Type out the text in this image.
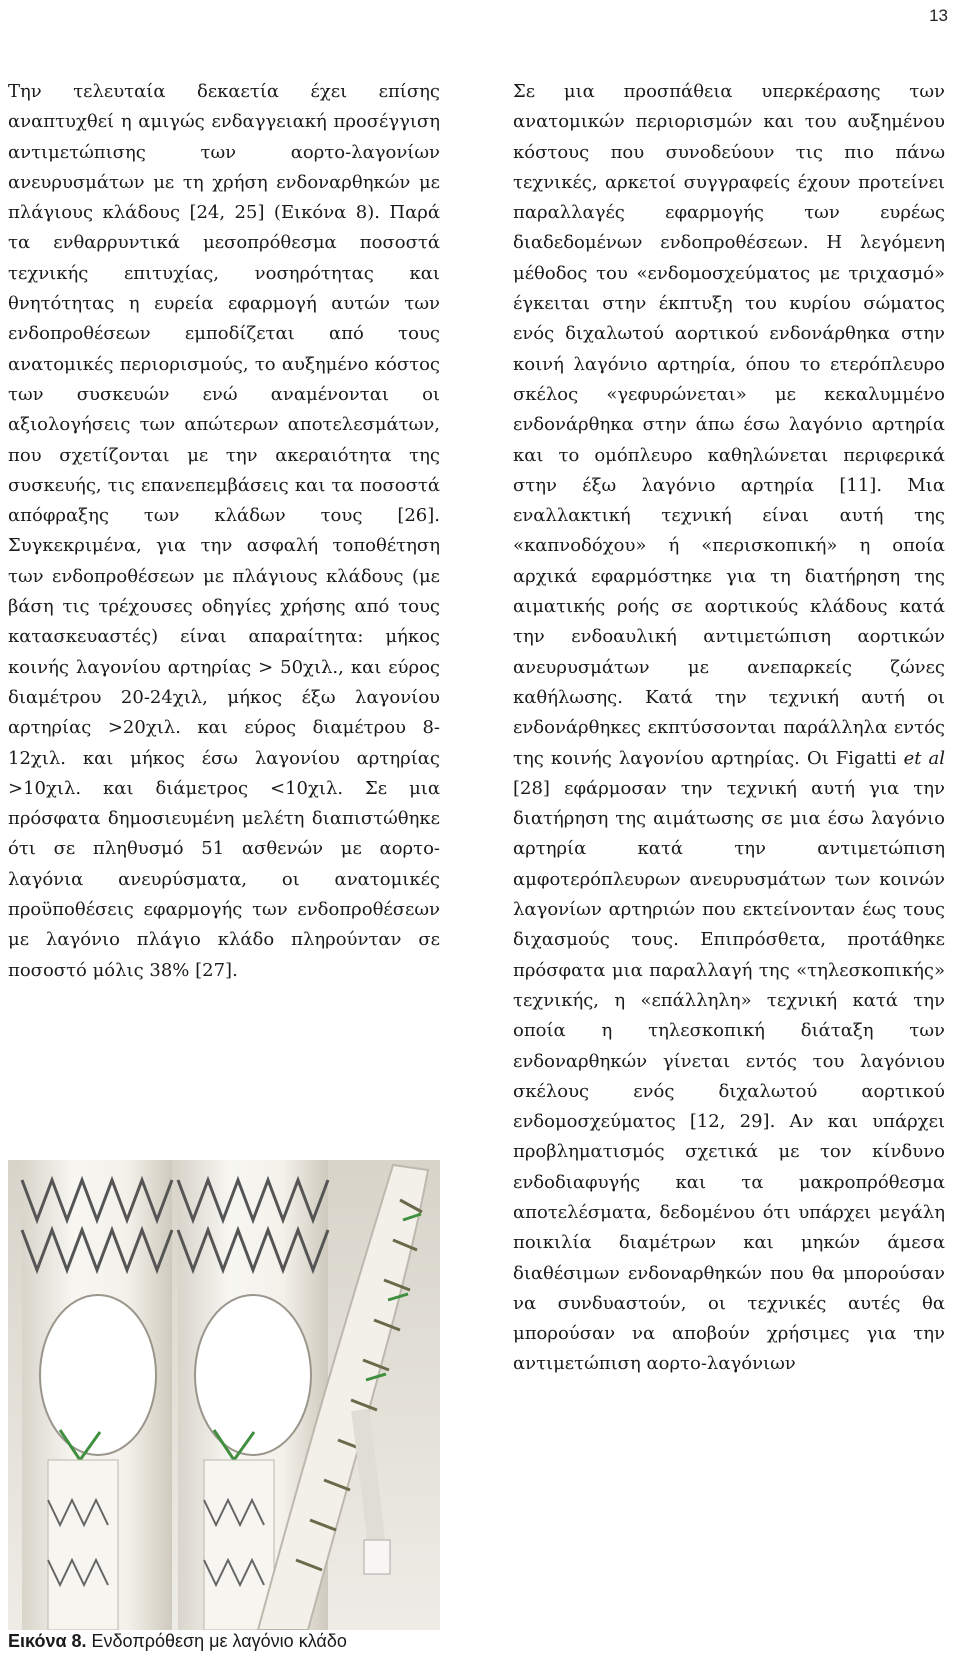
13

Την τελευταία δεκαετία έχει επίσης αναπτυχθεί η αμιγώς ενδαγγειακή προσέγγιση αντιμετώπισης των αορτο-λαγονίων ανευρυσμάτων με τη χρήση ενδοναρθηκών με πλάγιους κλάδους [24, 25] (Εικόνα 8). Παρά τα ενθαρρυντικά μεσοπρόθεσμα ποσοστά τεχνικής επιτυχίας, νοσηρότητας και θνητότητας η ευρεία εφαρμογή αυτών των ενδοπροθέσεων εμποδίζεται από τους ανατομικές περιορισμούς, το αυξημένο κόστος των συσκευών ενώ αναμένονται οι αξιολογήσεις των απώτερων αποτελεσμάτων, που σχετίζονται με την ακεραιότητα της συσκευής, τις επανεπεμβάσεις και τα ποσοστά απόφραξης των κλάδων τους [26]. Συγκεκριμένα, για την ασφαλή τοποθέτηση των ενδοπροθέσεων με πλάγιους κλάδους (με βάση τις τρέχουσες οδηγίες χρήσης από τους κατασκευαστές) είναι απαραίτητα: μήκος κοινής λαγονίου αρτηρίας > 50χιλ., και εύρος διαμέτρου 20-24χιλ, μήκος έξω λαγονίου αρτηρίας >20χιλ. και εύρος διαμέτρου 8-12χιλ. και μήκος έσω λαγονίου αρτηρίας >10χιλ. και διάμετρος <10χιλ. Σε μια πρόσφατα δημοσιευμένη μελέτη διαπιστώθηκε ότι σε πληθυσμό 51 ασθενών με αορτο-λαγόνια ανευρύσματα, οι ανατομικές προϋποθέσεις εφαρμογής των ενδοπροθέσεων με λαγόνιο πλάγιο κλάδο πληρούνταν σε ποσοστό μόλις 38% [27].

Σε μια προσπάθεια υπερκέρασης των ανατομικών περιορισμών και του αυξημένου κόστους που συνοδεύουν τις πιο πάνω τεχνικές, αρκετοί συγγραφείς έχουν προτείνει παραλλαγές εφαρμογής των ευρέως διαδεδομένων ενδοπροθέσεων. Η λεγόμενη μέθοδος του «ενδομοσχεύματος με τριχασμό» έγκειται στην έκπτυξη του κυρίου σώματος ενός διχαλωτού αορτικού ενδονάρθηκα στην κοινή λαγόνιο αρτηρία, όπου το ετερόπλευρο σκέλος «γεφυρώνεται» με κεκαλυμμένο ενδονάρθηκα στην άπω έσω λαγόνιο αρτηρία και το ομόπλευρο καθηλώνεται περιφερικά στην έξω λαγόνιο αρτηρία [11]. Μια εναλλακτική τεχνική είναι αυτή της «καπνοδόχου» ή «περισκοπική» η οποία αρχικά εφαρμόστηκε για τη διατήρηση της αιματικής ροής σε αορτικούς κλάδους κατά την ενδοαυλική αντιμετώπιση αορτικών ανευρυσμάτων με ανεπαρκείς ζώνες καθήλωσης. Κατά την τεχνική αυτή οι ενδονάρθηκες εκπτύσσονται παράλληλα εντός της κοινής λαγονίου αρτηρίας. Οι Figatti et al [28] εφάρμοσαν την τεχνική αυτή για την διατήρηση της αιμάτωσης σε μια έσω λαγόνιο αρτηρία κατά την αντιμετώπιση αμφοτερόπλευρων ανευρυσμάτων των κοινών λαγονίων αρτηριών που εκτείνονταν έως τους διχασμούς τους. Επιπρόσθετα, προτάθηκε πρόσφατα μια παραλλαγή της «τηλεσκοπικής» τεχνικής, η «επάλληλη» τεχνική κατά την οποία η τηλεσκοπική διάταξη των ενδοναρθηκών γίνεται εντός του λαγόνιου σκέλους ενός διχαλωτού αορτικού ενδομοσχεύματος [12, 29]. Αν και υπάρχει προβληματισμός σχετικά με τον κίνδυνο ενδοδιαφυγής και τα μακροπρόθεσμα αποτελέσματα, δεδομένου ότι υπάρχει μεγάλη ποικιλία διαμέτρων και μηκών άμεσα διαθέσιμων ενδοναρθηκών που θα μπορούσαν να συνδυαστούν, οι τεχνικές αυτές θα μπορούσαν να αποβούν χρήσιμες για την αντιμετώπιση αορτο-λαγόνιων

Εικόνα 8. Ενδοπρόθεση με λαγόνιο κλάδο
